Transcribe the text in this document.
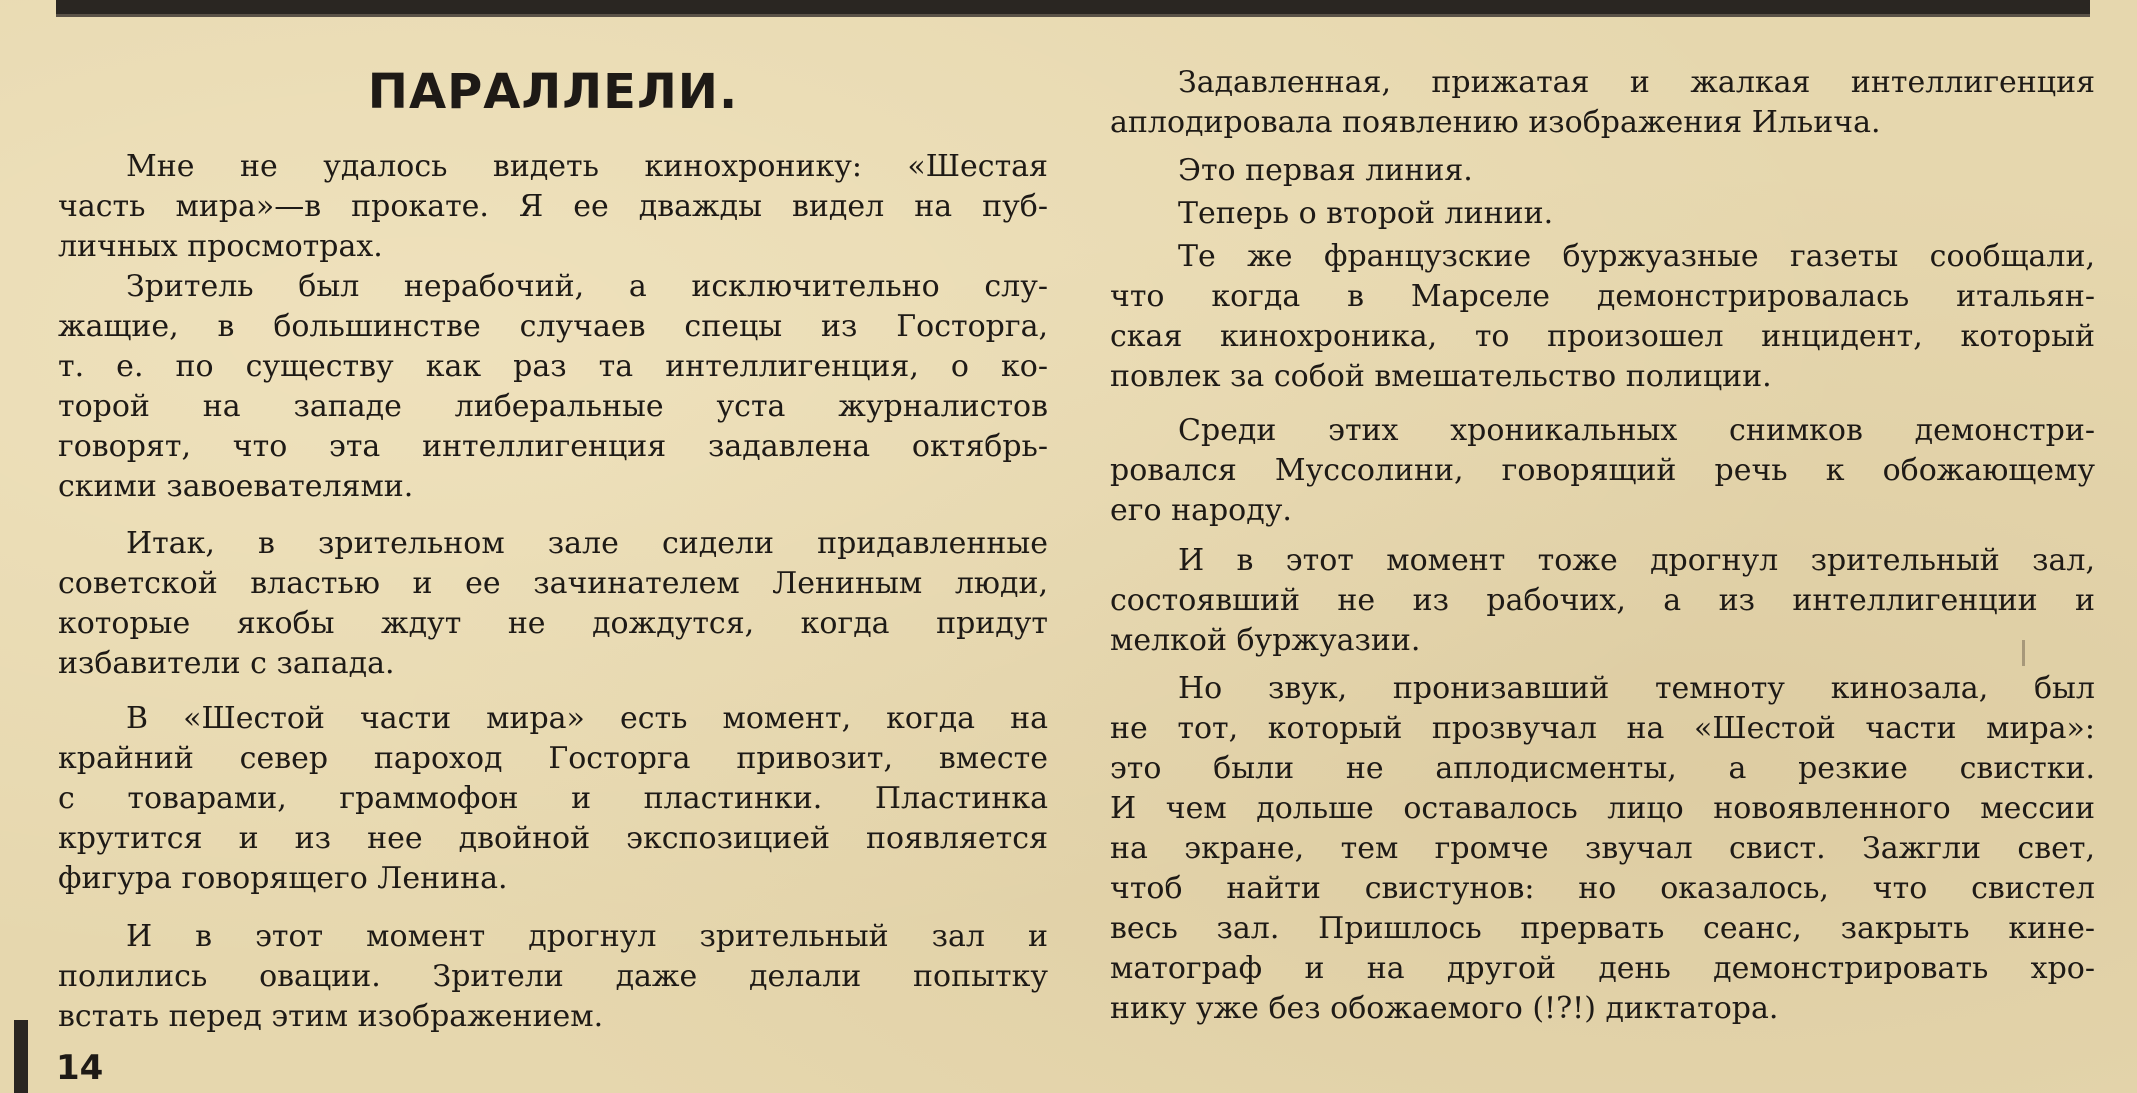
ПАРАЛЛЕЛИ.
Мне не удалось видеть кинохронику: «Шестая
часть мира»—в прокате. Я ее дважды видел на пуб-
личных просмотрах.
Зритель был нерабочий, а исключительно слу-
жащие, в большинстве случаев спецы из Госторга,
т. е. по существу как раз та интеллигенция, о ко-
торой на западе либеральные уста журналистов
говорят, что эта интеллигенция задавлена октябрь-
скими завоевателями.
Итак, в зрительном зале сидели придавленные
советской властью и ее зачинателем Лениным люди,
которые якобы ждут не дождутся, когда придут
избавители с запада.
В «Шестой части мира» есть момент, когда на
крайний север пароход Госторга привозит, вместе
с товарами, граммофон и пластинки. Пластинка
крутится и из нее двойной экспозицией появляется
фигура говорящего Ленина.
И в этот момент дрогнул зрительный зал и
полились овации. Зрители даже делали попытку
встать перед этим изображением.
Задавленная, прижатая и жалкая интеллигенция
аплодировала появлению изображения Ильича.
Это первая линия.
Теперь о второй линии.
Те же французские буржуазные газеты сообщали,
что когда в Марселе демонстрировалась итальян-
ская кинохроника, то произошел инцидент, который
повлек за собой вмешательство полиции.
Среди этих хроникальных снимков демонстри-
ровался Муссолини, говорящий речь к обожающему
его народу.
И в этот момент тоже дрогнул зрительный зал,
состоявший не из рабочих, а из интеллигенции и
мелкой буржуазии.
Но звук, пронизавший темноту кинозала, был
не тот, который прозвучал на «Шестой части мира»:
это были не аплодисменты, а резкие свистки.
И чем дольше оставалось лицо новоявленного мессии
на экране, тем громче звучал свист. Зажгли свет,
чтоб найти свистунов: но оказалось, что свистел
весь зал. Пришлось прервать сеанс, закрыть кине-
матограф и на другой день демонстрировать хро-
нику уже без обожаемого (!?!) диктатора.
14
